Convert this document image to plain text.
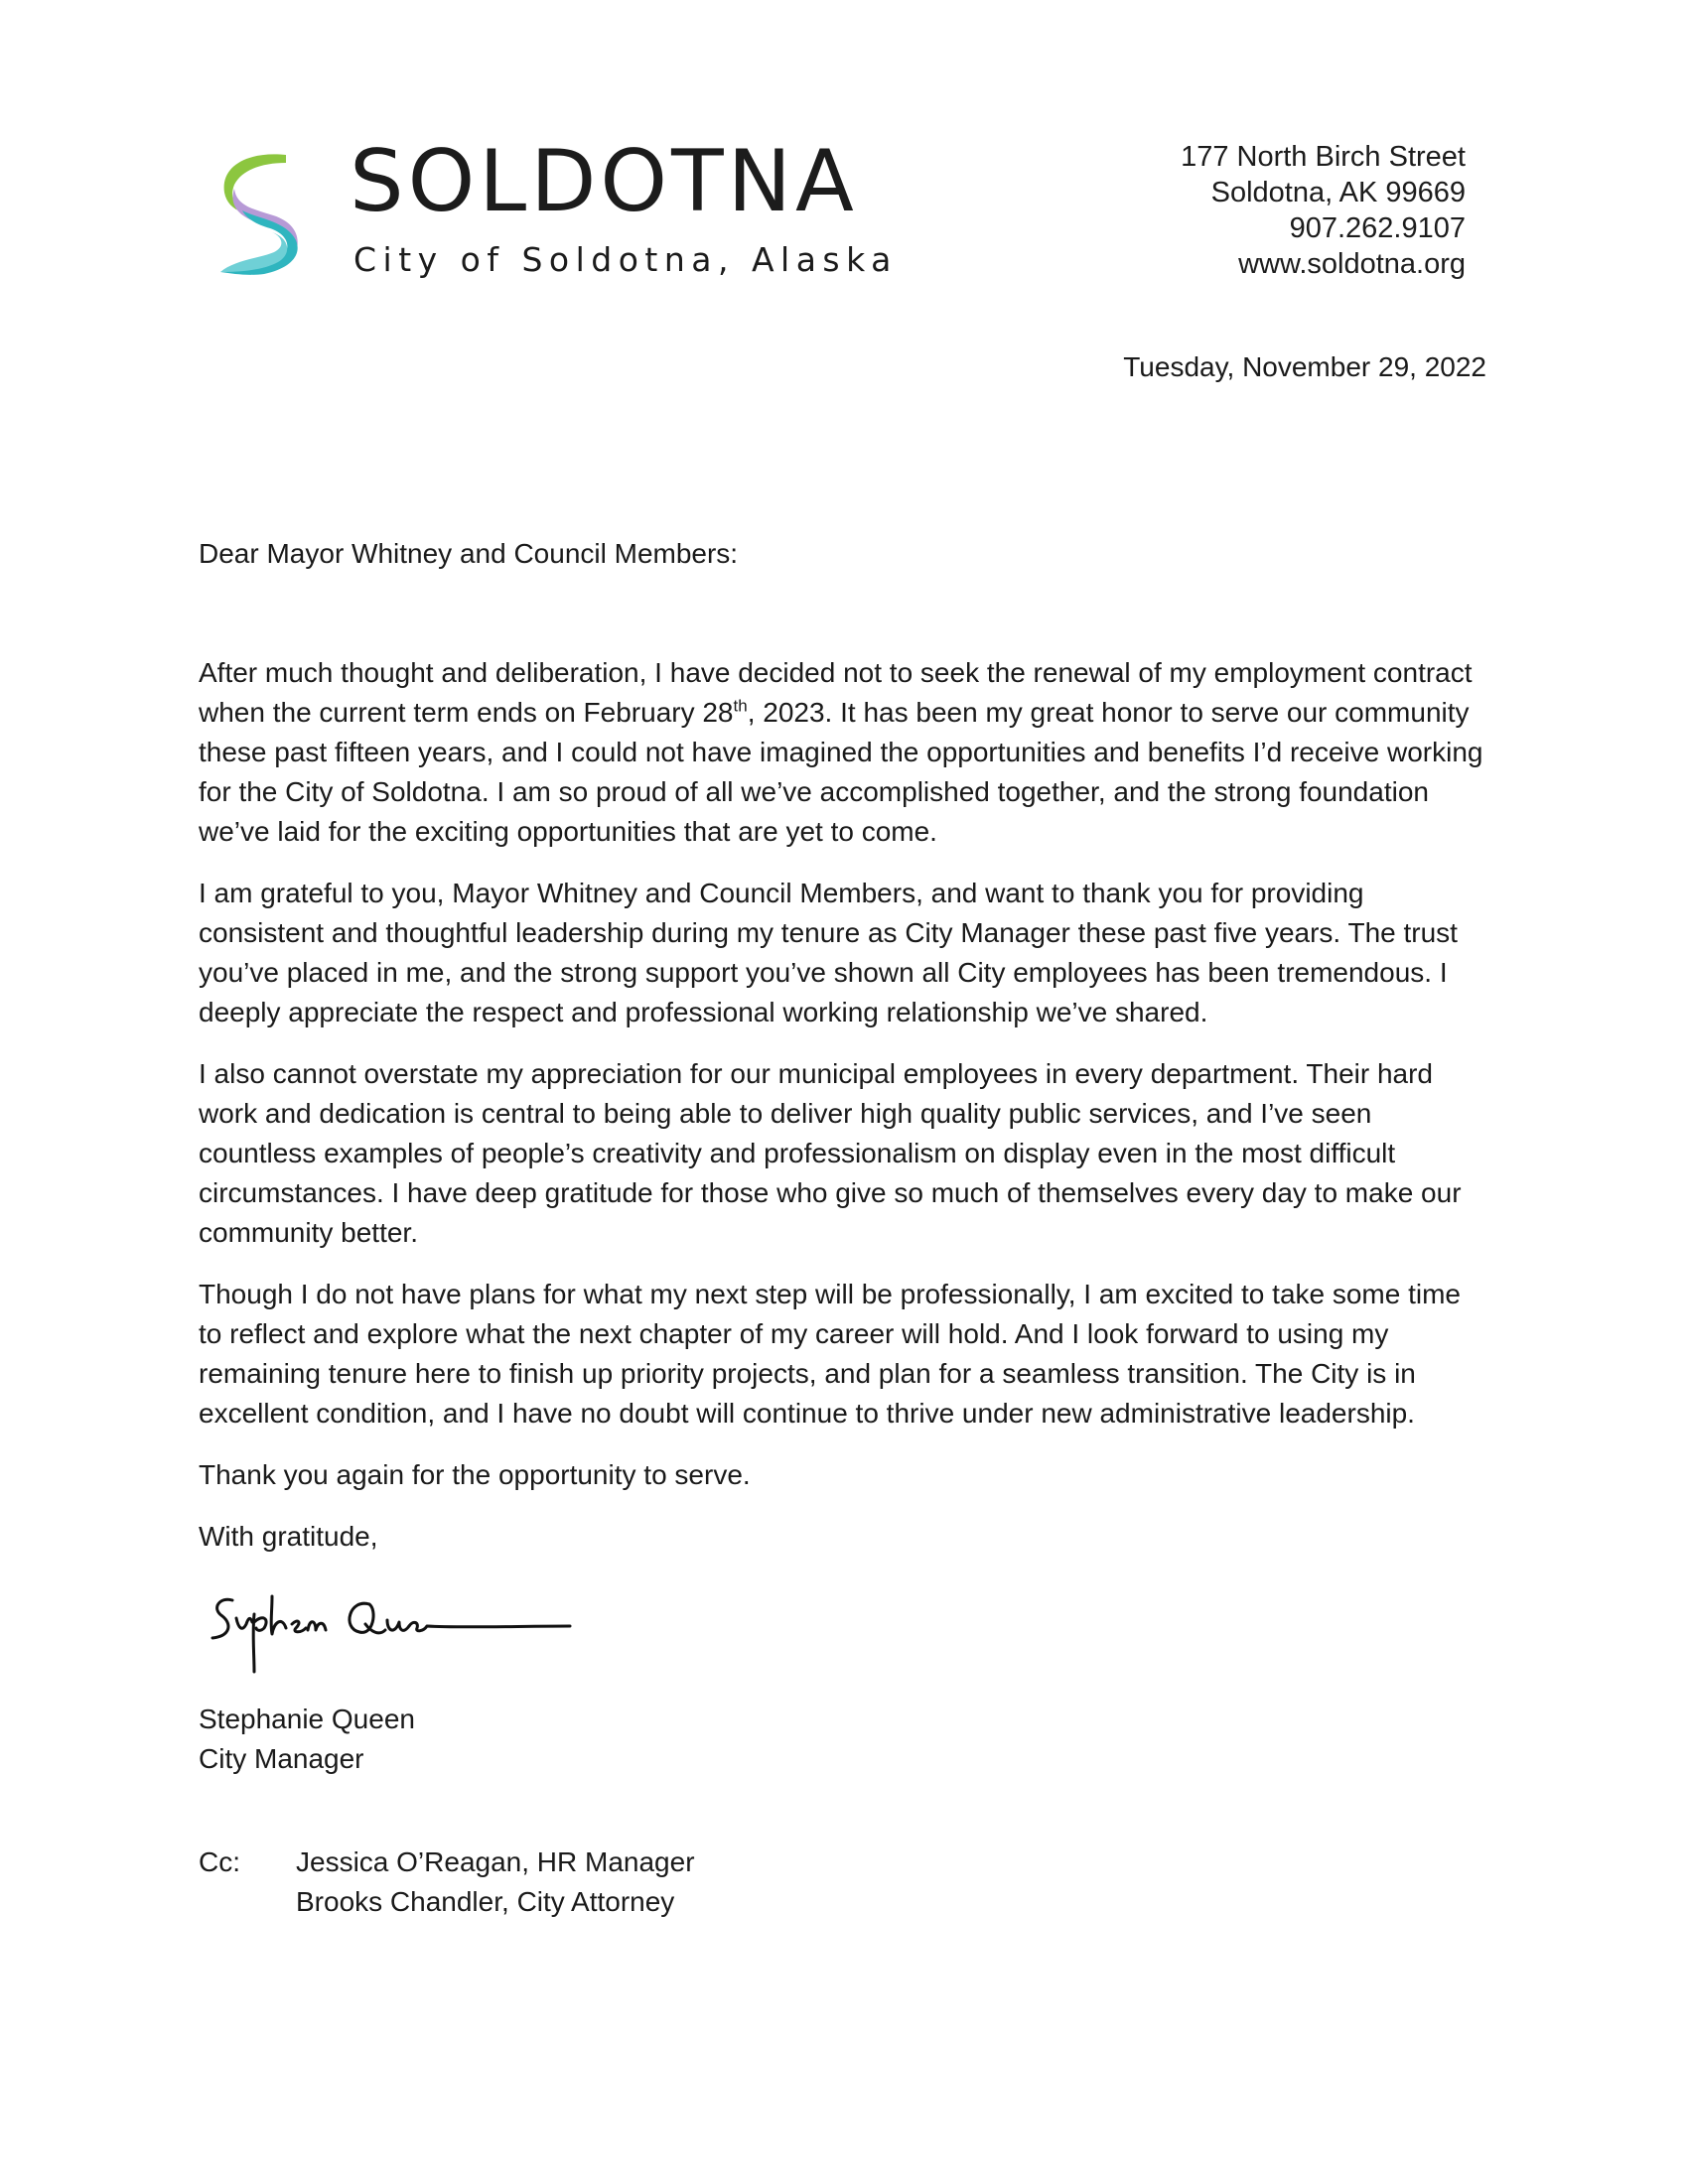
SOLDOTNA
City of Soldotna, Alaska
177 North Birch Street
Soldotna, AK 99669
907.262.9107
www.soldotna.org
Tuesday, November 29, 2022
Dear Mayor Whitney and Council Members:

After much thought and deliberation, I have decided not to seek the renewal of my employment contract when the current term ends on February 28th, 2023. It has been my great honor to serve our community these past fifteen years, and I could not have imagined the opportunities and benefits I’d receive working for the City of Soldotna. I am so proud of all we’ve accomplished together, and the strong foundation we’ve laid for the exciting opportunities that are yet to come.

I am grateful to you, Mayor Whitney and Council Members, and want to thank you for providing consistent and thoughtful leadership during my tenure as City Manager these past five years. The trust you’ve placed in me, and the strong support you’ve shown all City employees has been tremendous. I deeply appreciate the respect and professional working relationship we’ve shared.

I also cannot overstate my appreciation for our municipal employees in every department. Their hard work and dedication is central to being able to deliver high quality public services, and I’ve seen countless examples of people’s creativity and professionalism on display even in the most difficult circumstances. I have deep gratitude for those who give so much of themselves every day to make our community better.

Though I do not have plans for what my next step will be professionally, I am excited to take some time to reflect and explore what the next chapter of my career will hold. And I look forward to using my remaining tenure here to finish up priority projects, and plan for a seamless transition. The City is in excellent condition, and I have no doubt will continue to thrive under new administrative leadership.

Thank you again for the opportunity to serve.

With gratitude,

Stephanie Queen
City Manager
Cc:	Jessica O’Reagan, HR Manager
Brooks Chandler, City Attorney
